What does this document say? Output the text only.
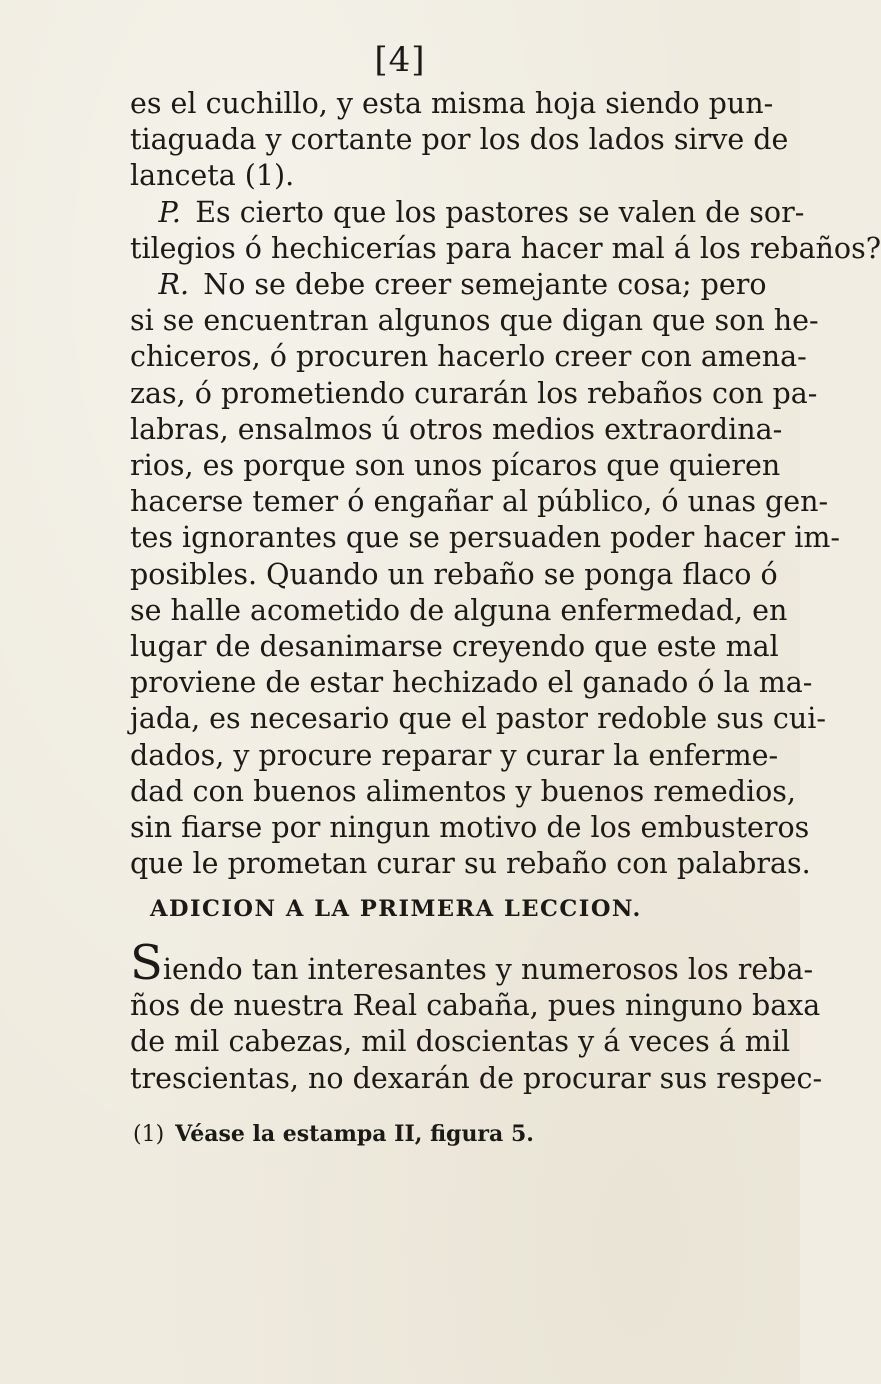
[4]
es el cuchillo, y esta misma hoja siendo pun-
tiaguada y cortante por los dos lados sirve de
lanceta (1).
 P.  Es cierto que los pastores se valen de sor-
tilegios ó hechicerías para hacer mal á los rebaños?
 R.  No se debe creer semejante cosa; pero
si se encuentran algunos que digan que son he-
chiceros, ó procuren hacerlo creer con amena-
zas, ó prometiendo curarán los rebaños con pa-
labras, ensalmos ú otros medios extraordina-
rios, es porque son unos pícaros que quieren
hacerse temer ó engañar al público, ó unas gen-
tes ignorantes que se persuaden poder hacer im-
posibles. Quando un rebaño se ponga flaco ó
se halle acometido de alguna enfermedad, en
lugar de desanimarse creyendo que este mal
proviene de estar hechizado el ganado ó la ma-
jada, es necesario que el pastor redoble sus cui-
dados, y procure reparar y curar la enferme-
dad con buenos alimentos y buenos remedios,
sin fiarse por ningun motivo de los embusteros
que le prometan curar su rebaño con palabras.
ADICION A LA PRIMERA LECCION.
Siendo tan interesantes y numerosos los reba-
ños de nuestra Real cabaña, pues ninguno baxa
de mil cabezas, mil doscientas y á veces á mil
trescientas, no dexarán de procurar sus respec-
(1)  Véase la estampa II, figura 5.
